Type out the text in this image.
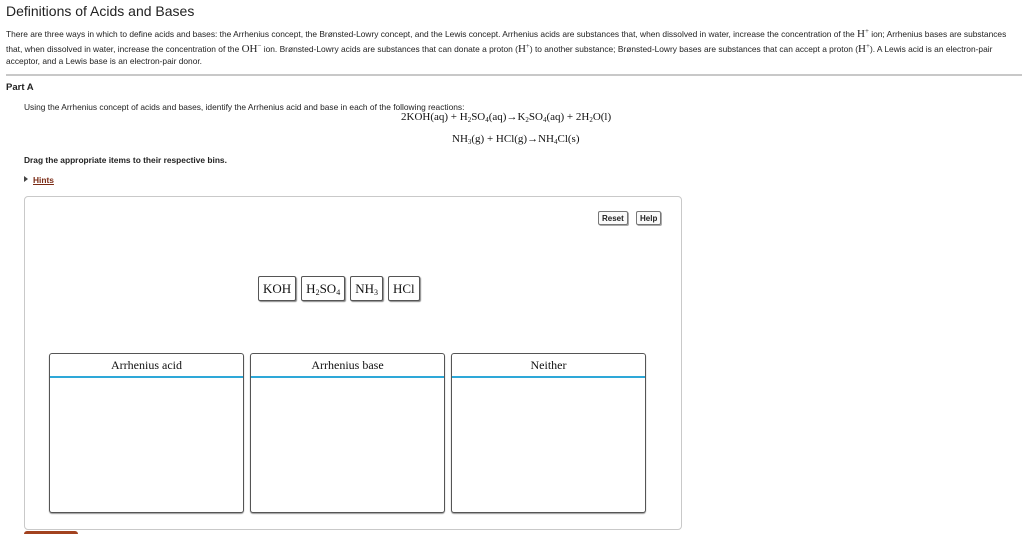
Definitions of Acids and Bases
There are three ways in which to define acids and bases: the Arrhenius concept, the Brønsted-Lowry concept, and the Lewis concept. Arrhenius acids are substances that, when dissolved in water, increase the concentration of the H+ ion; Arrhenius bases are substances that, when dissolved in water, increase the concentration of the OH− ion. Brønsted-Lowry acids are substances that can donate a proton (H+) to another substance; Brønsted-Lowry bases are substances that can accept a proton (H+). A Lewis acid is an electron-pair acceptor, and a Lewis base is an electron-pair donor.
Part A
Using the Arrhenius concept of acids and bases, identify the Arrhenius acid and base in each of the following reactions:
$2KOH(aq) + H_2SO_4(aq)\to K_2SO_4(aq) + 2H_2O(l)$
$NH_3(g) + HCl(g)\to NH_4Cl(s)$
Drag the appropriate items to their respective bins.
Hints
Reset	Help
KOH	$H_2SO_4$	$NH_3$	HCl
Arrhenius acid	Arrhenius base	Neither
